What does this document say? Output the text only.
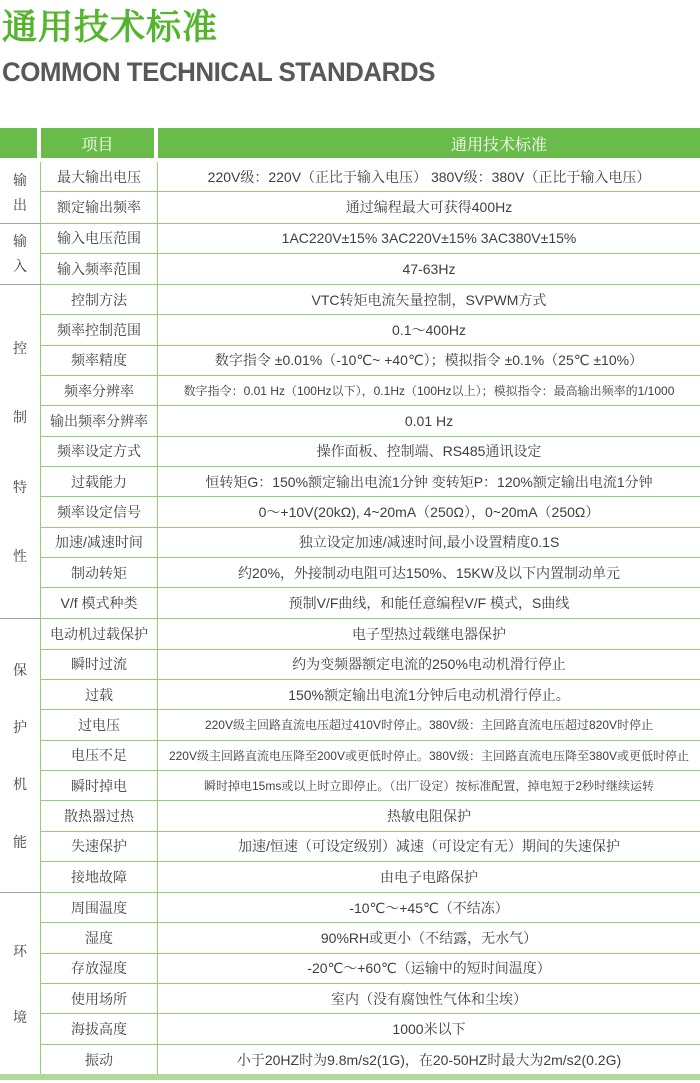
通用技术标准
COMMON TECHNICAL STANDARDS
项目	通用技术标准
输
出
最大输出电压	220V级：220V（正比于输入电压） 380V级：380V（正比于输入电压）
额定输出频率	通过编程最大可获得400Hz
输
入
输入电压范围	1AC220V±15% 3AC220V±15% 3AC380V±15%
输入频率范围	47-63Hz
控
制
特
性
控制方法	VTC转矩电流矢量控制，SVPWM方式
频率控制范围	0.1～400Hz
频率精度	数字指令 ±0.01%（-10℃~ +40℃）；模拟指令 ±0.1%（25℃ ±10%）
频率分辨率	数字指令：0.01 Hz（100Hz以下），0.1Hz（100Hz以上）；模拟指令：最高输出频率的1/1000
输出频率分辨率	0.01 Hz
频率设定方式	操作面板、控制端、RS485通讯设定
过载能力	恒转矩G：150%额定输出电流1分钟 变转矩P：120%额定输出电流1分钟
频率设定信号	0～+10V(20kΩ), 4~20mA（250Ω），0~20mA（250Ω）
加速/减速时间	独立设定加速/减速时间,最小设置精度0.1S
制动转矩	约20%，外接制动电阻可达150%、15KW及以下内置制动单元
V/f 模式种类	预制V/F曲线，和能任意编程V/F 模式，S曲线
保
护
机
能
电动机过载保护	电子型热过载继电器保护
瞬时过流	约为变频器额定电流的250%电动机滑行停止
过载	150%额定输出电流1分钟后电动机滑行停止。
过电压	220V级主回路直流电压超过410V时停止。380V级：主回路直流电压超过820V时停止
电压不足	220V级主回路直流电压降至200V或更低时停止。380V级：主回路直流电压降至380V或更低时停止
瞬时掉电	瞬时掉电15ms或以上时立即停止。（出厂设定）按标准配置，掉电短于2秒时继续运转
散热器过热	热敏电阻保护
失速保护	加速/恒速（可设定级别）减速（可设定有无）期间的失速保护
接地故障	由电子电路保护
环
境
周围温度	-10℃～+45℃（不结冻）
湿度	90%RH或更小（不结露，无水气）
存放湿度	-20℃～+60℃（运输中的短时间温度）
使用场所	室内（没有腐蚀性气体和尘埃）
海拔高度	1000米以下
振动	小于20HZ时为9.8m/s2(1G)，在20-50HZ时最大为2m/s2(0.2G)
